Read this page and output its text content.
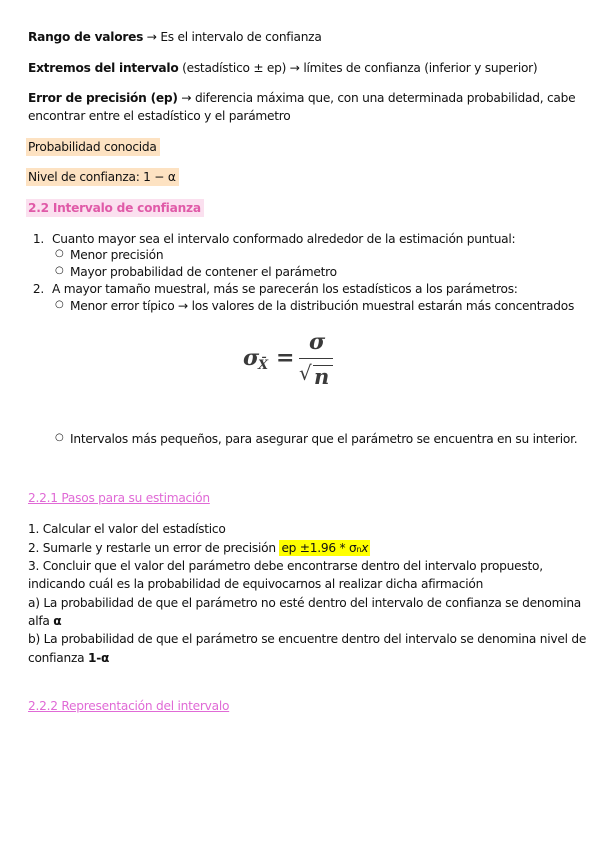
Rango de valores → Es el intervalo de confianza
Extremos del intervalo (estadístico ± ep) → límites de confianza (inferior y superior)
Error de precisión (ep) → diferencia máxima que, con una determinada probabilidad, cabe
encontrar entre el estadístico y el parámetro
Probabilidad conocida
Nivel de confianza: 1 − α
2.2 Intervalo de confianza
1. Cuanto mayor sea el intervalo conformado alrededor de la estimación puntual:
○ Menor precisión
○ Mayor probabilidad de contener el parámetro
2. A mayor tamaño muestral, más se parecerán los estadísticos a los parámetros:
○ Menor error típico → los valores de la distribución muestral estarán más concentrados
σ X̄ =
σ
√ n
○ Intervalos más pequeños, para asegurar que el parámetro se encuentra en su interior.
2.2.1 Pasos para su estimación
1. Calcular el valor del estadístico
2. Sumarle y restarle un error de precisión ep ±1.96 * σnx
3. Concluir que el valor del parámetro debe encontrarse dentro del intervalo propuesto,
indicando cuál es la probabilidad de equivocarnos al realizar dicha afirmación
a) La probabilidad de que el parámetro no esté dentro del intervalo de confianza se denomina
alfa α
b) La probabilidad de que el parámetro se encuentre dentro del intervalo se denomina nivel de
confianza 1-α
2.2.2 Representación del intervalo
